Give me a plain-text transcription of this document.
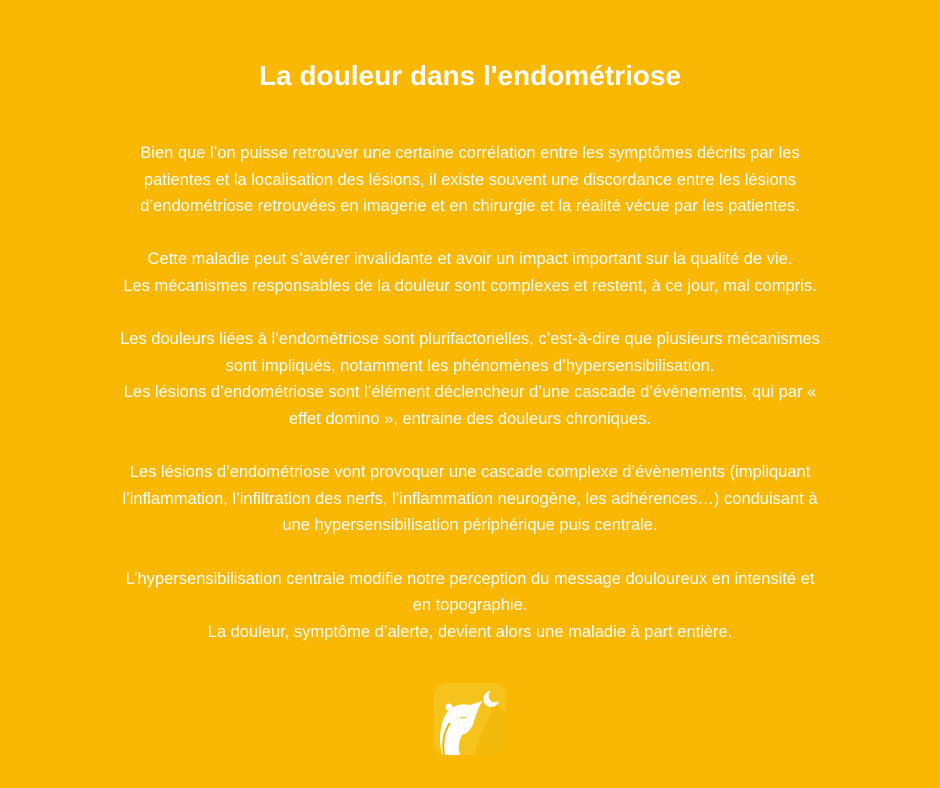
La douleur dans l'endométriose

Bien que l’on puisse retrouver une certaine corrélation entre les symptômes décrits par les
patientes et la localisation des lésions, il existe souvent une discordance entre les lésions
d’endométriose retrouvées en imagerie et en chirurgie et la réalité vécue par les patientes.

Cette maladie peut s’avérer invalidante et avoir un impact important sur la qualité de vie.
Les mécanismes responsables de la douleur sont complexes et restent, à ce jour, mal compris.

Les douleurs liées à l’endométriose sont plurifactorielles, c’est-à-dire que plusieurs mécanismes
sont impliqués, notamment les phénomènes d’hypersensibilisation.
Les lésions d’endométriose sont l’élément déclencheur d’une cascade d’évènements, qui par «
effet domino », entraine des douleurs chroniques.

Les lésions d’endométriose vont provoquer une cascade complexe d’évènements (impliquant
l’inflammation, l’infiltration des nerfs, l’inflammation neurogène, les adhérences…) conduisant à
une hypersensibilisation périphérique puis centrale.

L’hypersensibilisation centrale modifie notre perception du message douloureux en intensité et
en topographie.
La douleur, symptôme d’alerte, devient alors une maladie à part entière.
